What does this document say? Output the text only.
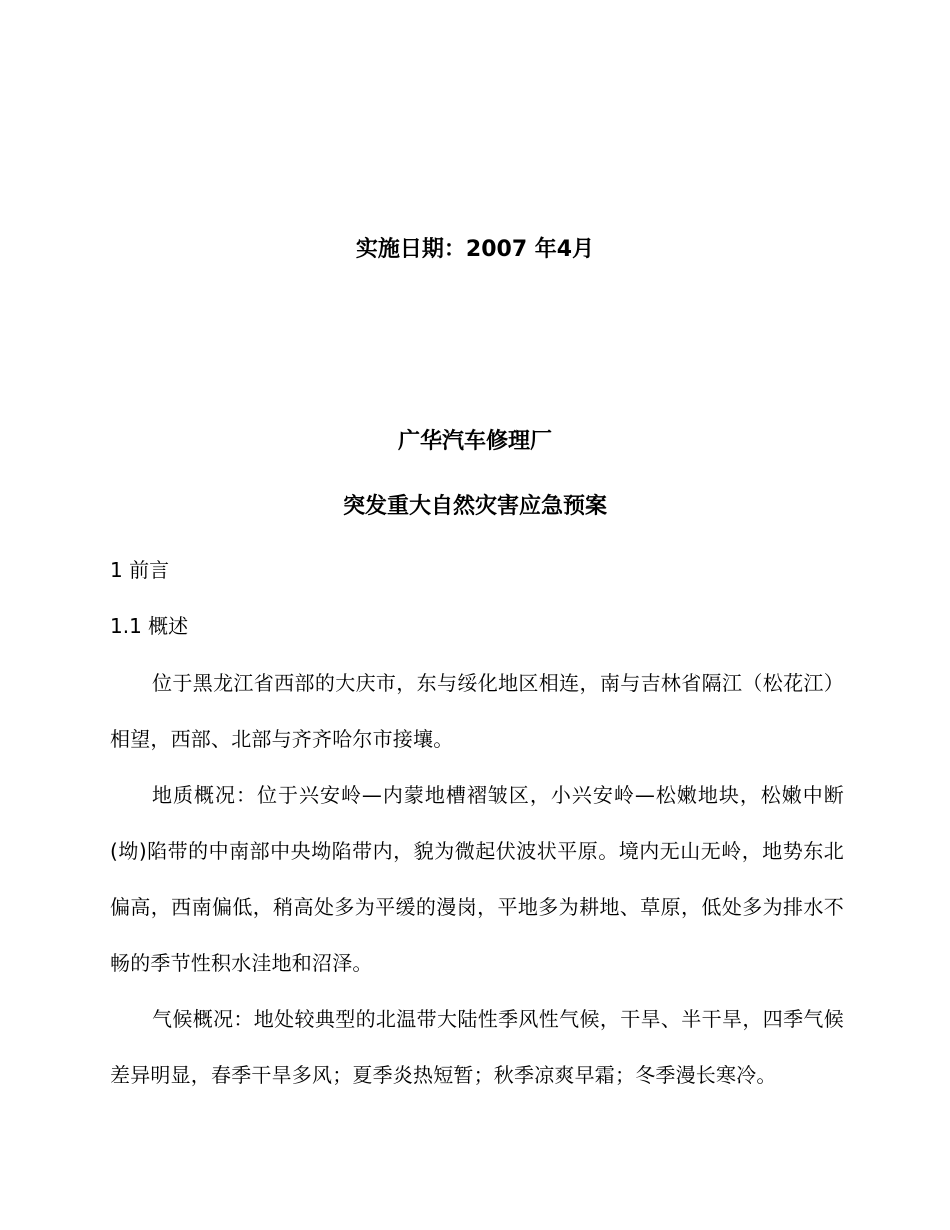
实施日期：2007 年4月
广华汽车修理厂
突发重大自然灾害应急预案
1 前言
1.1 概述

位于黑龙江省西部的大庆市，东与绥化地区相连，南与吉林省隔江（松花江）相望，西部、北部与齐齐哈尔市接壤。

地质概况：位于兴安岭—内蒙地槽褶皱区，小兴安岭—松嫩地块，松嫩中断(坳)陷带的中南部中央坳陷带内，貌为微起伏波状平原。境内无山无岭，地势东北偏高，西南偏低，稍高处多为平缓的漫岗，平地多为耕地、草原，低处多为排水不畅的季节性积水洼地和沼泽。

气候概况：地处较典型的北温带大陆性季风性气候，干旱、半干旱，四季气候差异明显，春季干旱多风；夏季炎热短暂；秋季凉爽早霜；冬季漫长寒冷。
